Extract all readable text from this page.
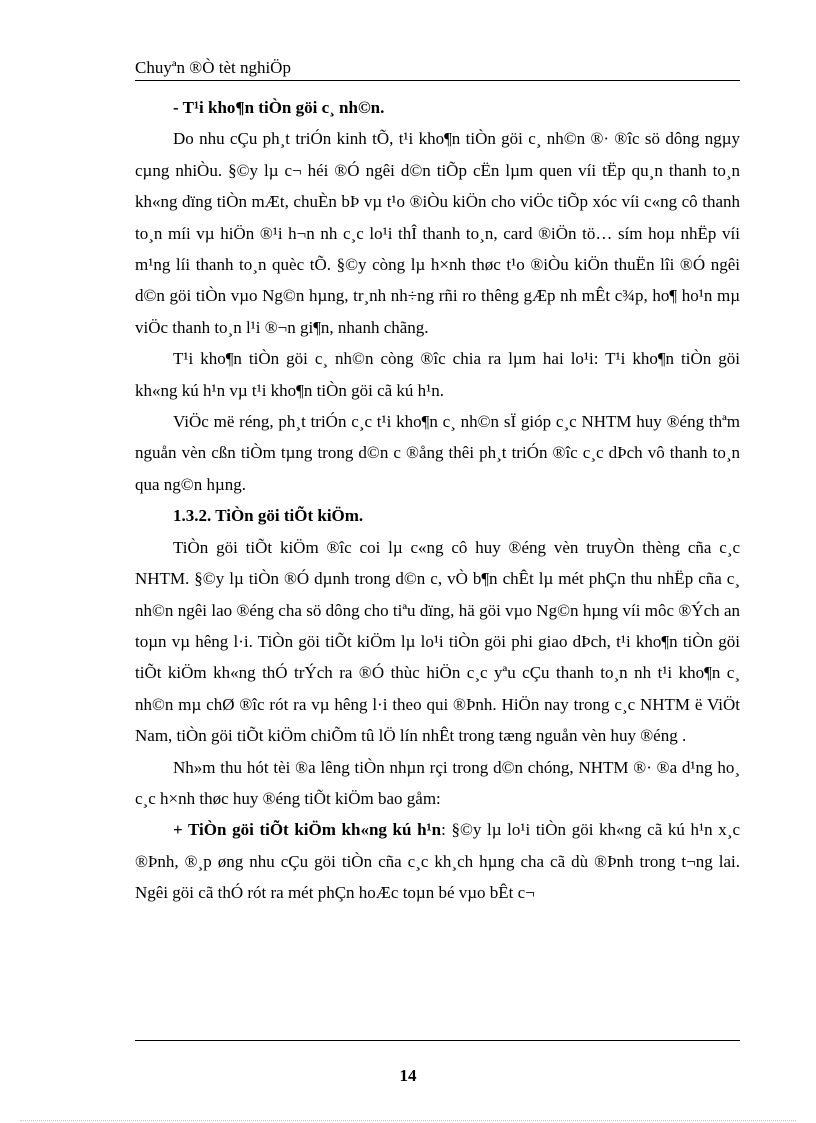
Chuyªn ®Ò tèt nghiÖp

- T¹i kho¶n tiÒn göi c¸ nh©n.

Do nhu cÇu ph¸t triÓn kinh tÕ, t¹i kho¶n tiÒn göi c¸ nh©n ®· ®îc sö dông ngµy cµng nhiÒu. §©y lµ c¬ héi ®Ó ngêi d©n tiÕp cËn lµm quen víi tËp qu¸n thanh to¸n kh«ng dïng tiÒn mÆt, chuÈn bÞ vµ t¹o ®iÒu kiÖn cho viÖc tiÕp xóc víi c«ng cô thanh to¸n míi vµ hiÖn ®¹i h¬n nh c¸c lo¹i thÎ thanh to¸n, card ®iÖn tö… sím hoµ nhËp víi m¹ng líi thanh to¸n quèc tÕ. §©y còng lµ h×nh thøc t¹o ®iÒu kiÖn thuËn lîi ®Ó ngêi d©n göi tiÒn vµo Ng©n hµng, tr¸nh nh÷ng rñi ro thêng gÆp nh mÊt c¾p, ho¶ ho¹n mµ viÖc thanh to¸n l¹i ®¬n gi¶n, nhanh chãng.

T¹i kho¶n tiÒn göi c¸ nh©n còng ®îc chia ra lµm hai lo¹i: T¹i kho¶n tiÒn göi kh«ng kú h¹n vµ t¹i kho¶n tiÒn göi cã kú h¹n.

ViÖc më réng, ph¸t triÓn c¸c t¹i kho¶n c¸ nh©n sÏ gióp c¸c NHTM huy ®éng thªm nguån vèn cßn tiÒm tµng trong d©n c ®ång thêi ph¸t triÓn ®îc c¸c dÞch vô thanh to¸n qua ng©n hµng.

1.3.2. TiÒn göi tiÕt kiÖm.

TiÒn göi tiÕt kiÖm ®îc coi lµ c«ng cô huy ®éng vèn truyÒn thèng cña c¸c NHTM. §©y lµ tiÒn ®Ó dµnh trong d©n c, vÒ b¶n chÊt lµ mét phÇn thu nhËp cña c¸ nh©n ngêi lao ®éng cha sö dông cho tiªu dïng, hä göi vµo Ng©n hµng víi môc ®Ých an toµn vµ hêng l·i. TiÒn göi tiÕt kiÖm lµ lo¹i tiÒn göi phi giao dÞch, t¹i kho¶n tiÒn göi tiÕt kiÖm kh«ng thÓ trÝch ra ®Ó thùc hiÖn c¸c yªu cÇu thanh to¸n nh t¹i kho¶n c¸ nh©n mµ chØ ®îc rót ra vµ hêng l·i theo qui ®Þnh. HiÖn nay trong c¸c NHTM ë ViÖt Nam, tiÒn göi tiÕt kiÖm chiÕm tû lÖ lín nhÊt trong tæng nguån vèn huy ®éng .

Nh»m thu hót tèi ®a lêng tiÒn nhµn rçi trong d©n chóng, NHTM ®· ®a d¹ng ho¸ c¸c h×nh thøc huy ®éng tiÕt kiÖm bao gåm:

+ TiÒn göi tiÕt kiÖm kh«ng kú h¹n: §©y lµ lo¹i tiÒn göi kh«ng cã kú h¹n x¸c ®Þnh, ®¸p øng nhu cÇu göi tiÒn cña c¸c kh¸ch hµng cha cã dù ®Þnh trong t¬ng lai. Ngêi göi cã thÓ rót ra mét phÇn hoÆc toµn bé vµo bÊt c¬

14
